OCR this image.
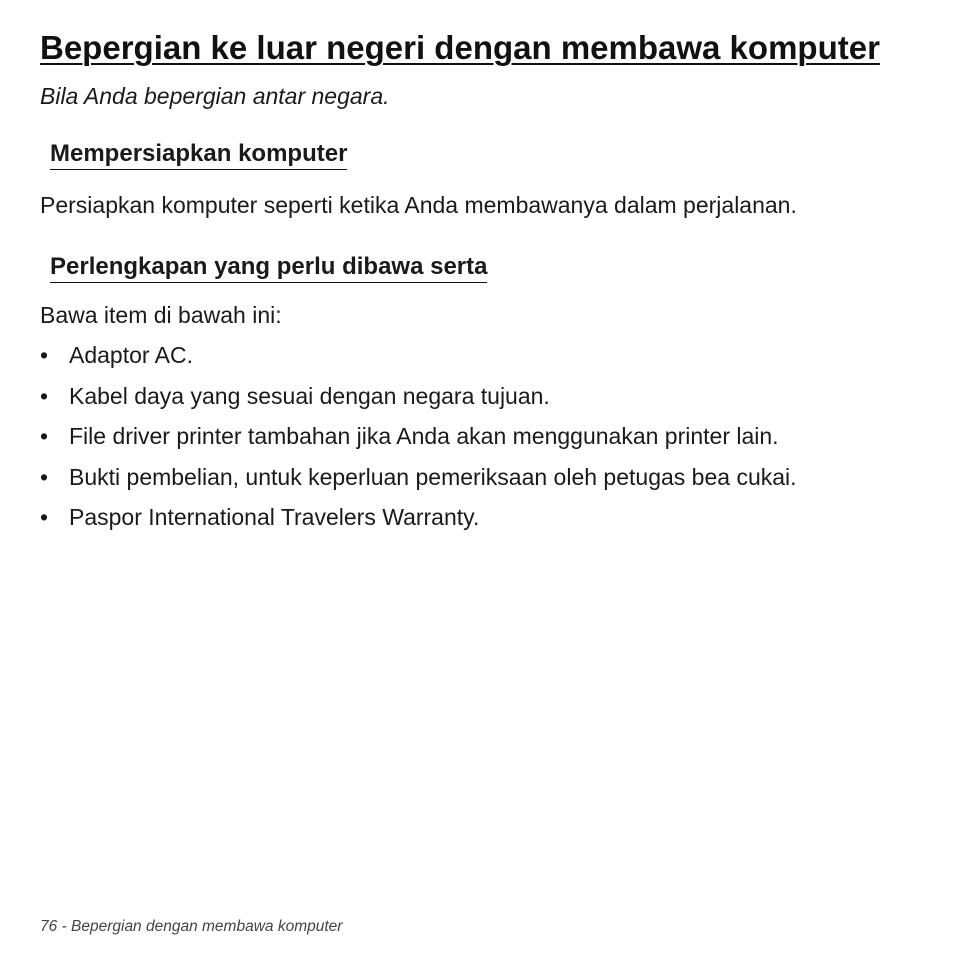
Bepergian ke luar negeri dengan membawa komputer

Bila Anda bepergian antar negara.

Mempersiapkan komputer

Persiapkan komputer seperti ketika Anda membawanya dalam perjalanan.

Perlengkapan yang perlu dibawa serta

Bawa item di bawah ini:

• Adaptor AC.
• Kabel daya yang sesuai dengan negara tujuan.
• File driver printer tambahan jika Anda akan menggunakan printer lain.
• Bukti pembelian, untuk keperluan pemeriksaan oleh petugas bea cukai.
• Paspor International Travelers Warranty.
76 - Bepergian dengan membawa komputer
